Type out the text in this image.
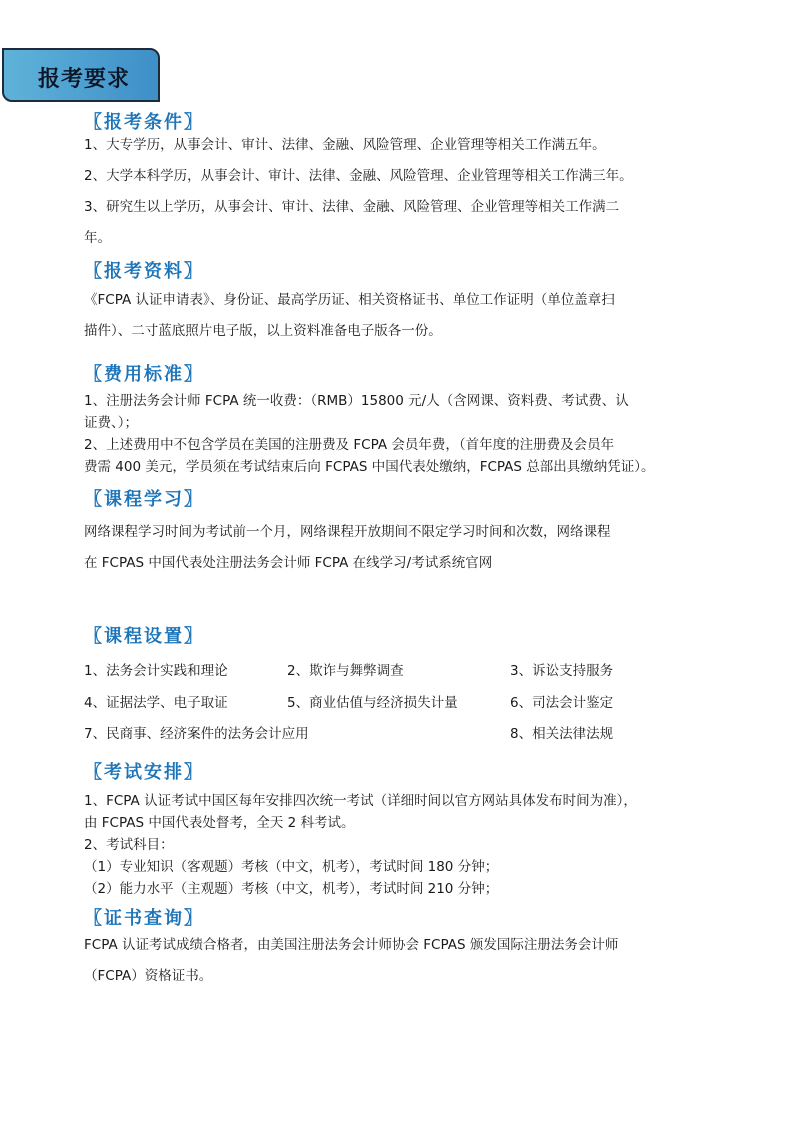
报考要求
〖报考条件〗
1、大专学历，从事会计、审计、法律、金融、风险管理、企业管理等相关工作满五年。
2、大学本科学历，从事会计、审计、法律、金融、风险管理、企业管理等相关工作满三年。
3、研究生以上学历，从事会计、审计、法律、金融、风险管理、企业管理等相关工作满二
年。
〖报考资料〗
《FCPA 认证申请表》、身份证、最高学历证、相关资格证书、单位工作证明（单位盖章扫
描件）、二寸蓝底照片电子版，以上资料准备电子版各一份。
〖费用标准〗
1、注册法务会计师 FCPA 统一收费：（RMB）15800 元/人（含网课、资料费、考试费、认
证费、）；
2、上述费用中不包含学员在美国的注册费及 FCPA 会员年费，（首年度的注册费及会员年
费需 400 美元，学员须在考试结束后向 FCPAS 中国代表处缴纳，FCPAS 总部出具缴纳凭证）。
〖课程学习〗
网络课程学习时间为考试前一个月，网络课程开放期间不限定学习时间和次数，网络课程
在 FCPAS 中国代表处注册法务会计师 FCPA 在线学习/考试系统官网
〖课程设置〗
1、法务会计实践和理论	2、欺诈与舞弊调查	3、诉讼支持服务
4、证据法学、电子取证	5、商业估值与经济损失计量	6、司法会计鉴定
7、民商事、经济案件的法务会计应用	8、相关法律法规
〖考试安排〗
1、FCPA 认证考试中国区每年安排四次统一考试（详细时间以官方网站具体发布时间为准），
由 FCPAS 中国代表处督考，全天 2 科考试。
2、考试科目：
（1）专业知识（客观题）考核（中文，机考），考试时间 180 分钟；
（2）能力水平（主观题）考核（中文，机考），考试时间 210 分钟；
〖证书查询〗
FCPA 认证考试成绩合格者，由美国注册法务会计师协会 FCPAS 颁发国际注册法务会计师
（FCPA）资格证书。
